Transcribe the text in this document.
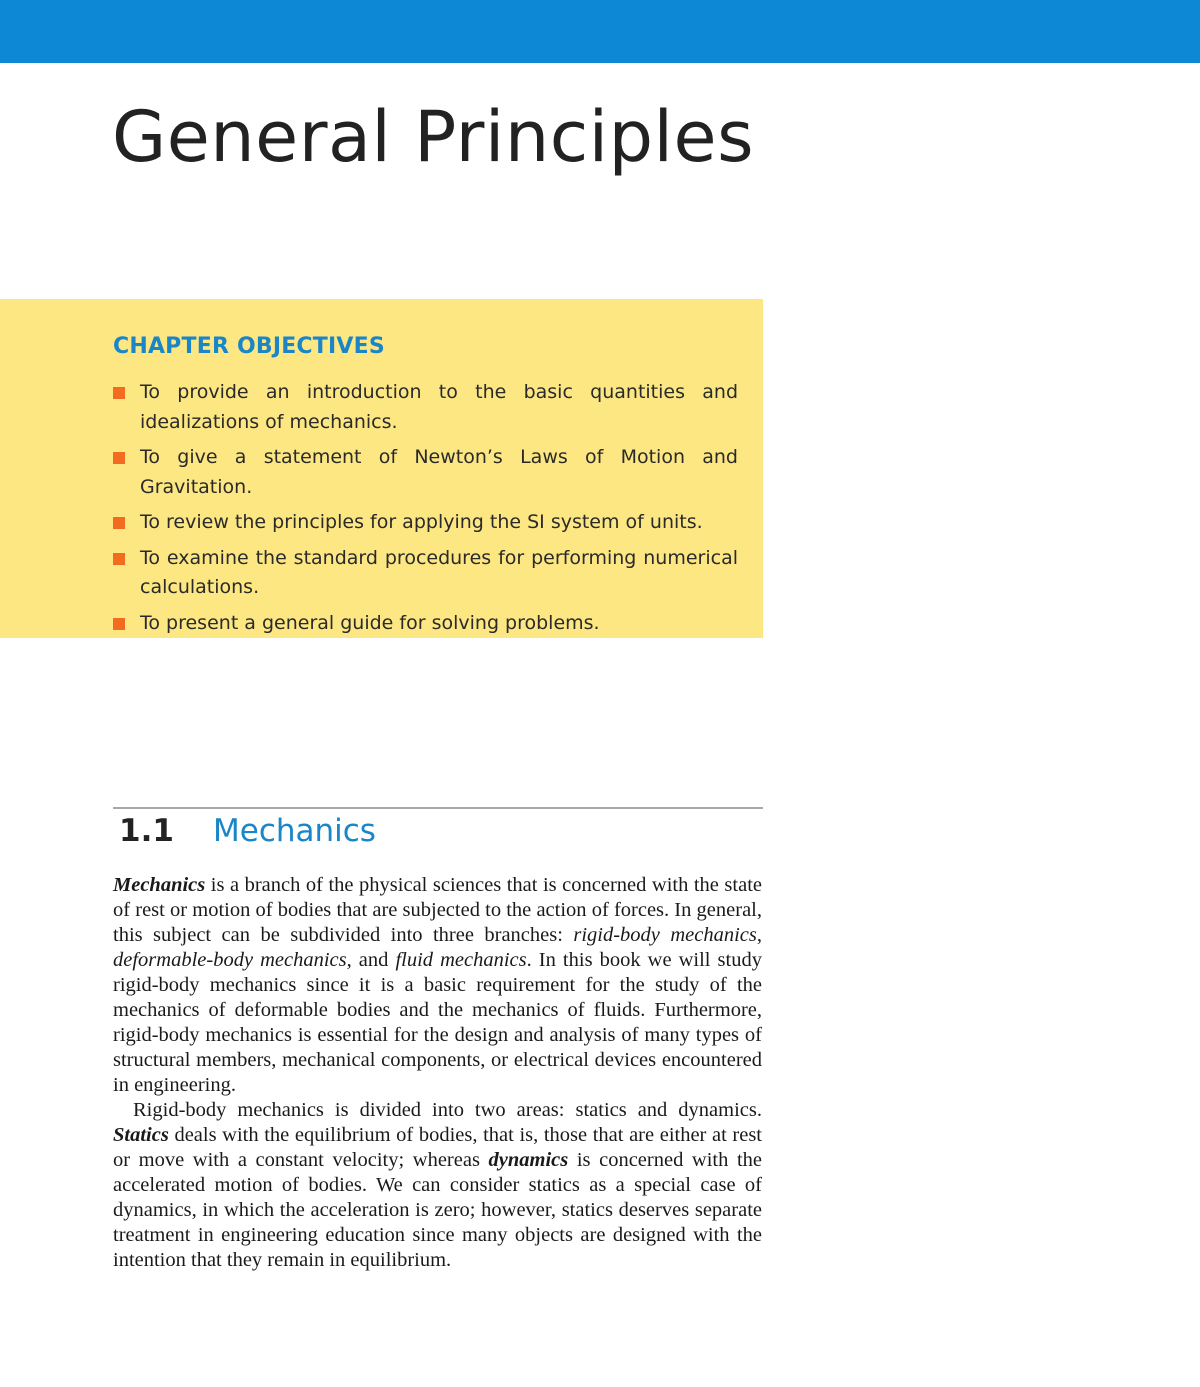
General Principles
CHAPTER OBJECTIVES
To provide an introduction to the basic quantities and idealizations of mechanics.
To give a statement of Newton’s Laws of Motion and Gravitation.
To review the principles for applying the SI system of units.
To examine the standard procedures for performing numerical calculations.
To present a general guide for solving problems.
1.1 Mechanics

Mechanics is a branch of the physical sciences that is concerned with the state of rest or motion of bodies that are subjected to the action of forces. In general, this subject can be subdivided into three branches: rigid-body mechanics, deformable-body mechanics, and fluid mechanics. In this book we will study rigid-body mechanics since it is a basic requirement for the study of the mechanics of deformable bodies and the mechanics of fluids. Furthermore, rigid-body mechanics is essential for the design and analysis of many types of structural members, mechanical components, or electrical devices encountered in engineering.

Rigid-body mechanics is divided into two areas: statics and dynamics. Statics deals with the equilibrium of bodies, that is, those that are either at rest or move with a constant velocity; whereas dynamics is concerned with the accelerated motion of bodies. We can consider statics as a special case of dynamics, in which the acceleration is zero; however, statics deserves separate treatment in engineering education since many objects are designed with the intention that they remain in equilibrium.
